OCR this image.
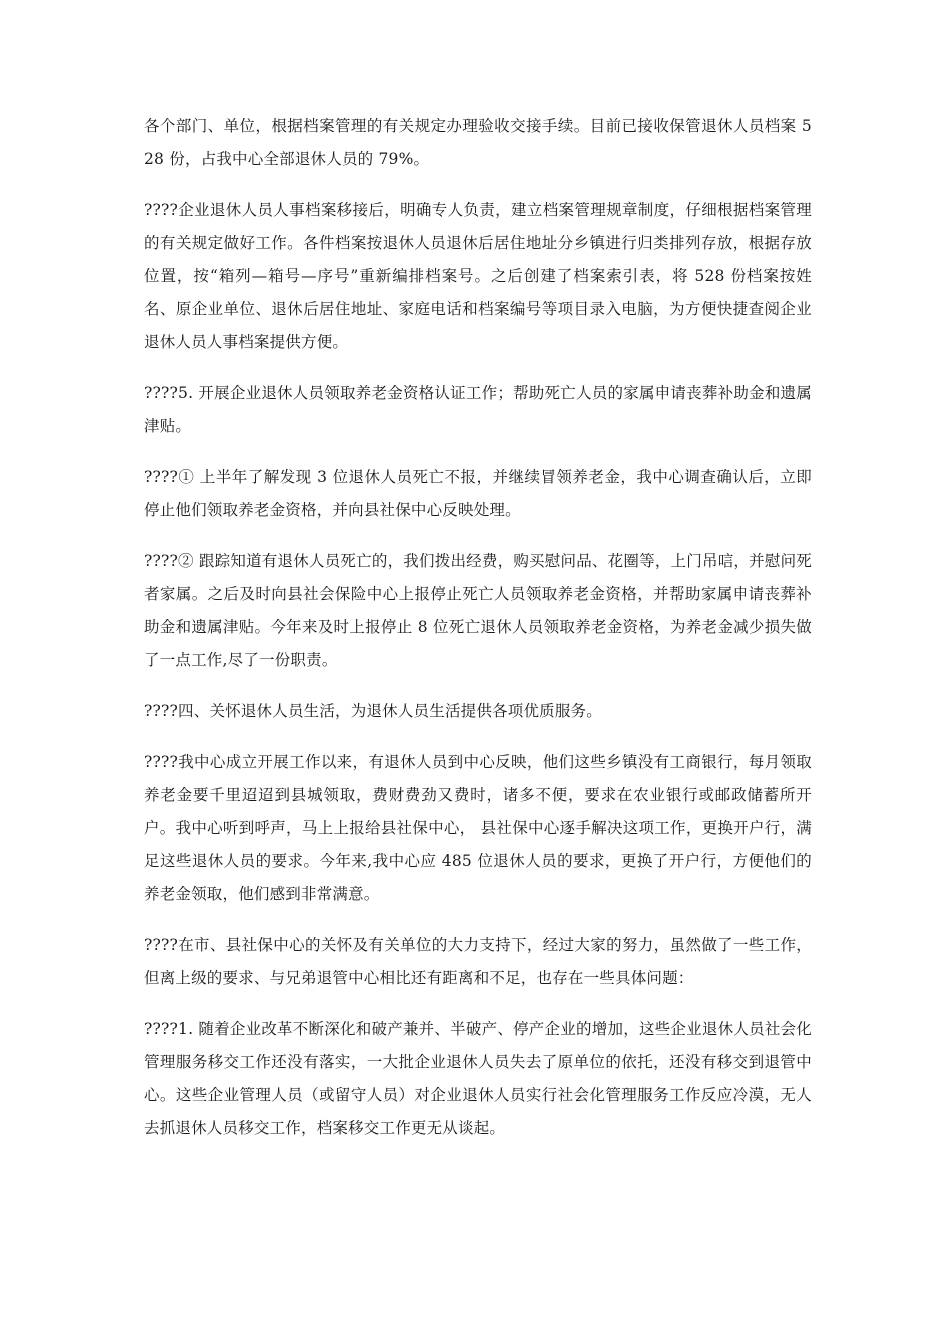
各个部门、单位，根据档案管理的有关规定办理验收交接手续。目前已接收保管退休人员档案 528 份，占我中心全部退休人员的 79%。

????企业退休人员人事档案移接后，明确专人负责，建立档案管理规章制度，仔细根据档案管理的有关规定做好工作。各件档案按退休人员退休后居住地址分乡镇进行归类排列存放，根据存放位置，按“箱列—箱号—序号”重新编排档案号。之后创建了档案索引表，将 528 份档案按姓名、原企业单位、退休后居住地址、家庭电话和档案编号等项目录入电脑，为方便快捷查阅企业退休人员人事档案提供方便。

????5. 开展企业退休人员领取养老金资格认证工作；帮助死亡人员的家属申请丧葬补助金和遗属津贴。

????① 上半年了解发现 3 位退休人员死亡不报，并继续冒领养老金，我中心调查确认后，立即停止他们领取养老金资格，并向县社保中心反映处理。

????② 跟踪知道有退休人员死亡的，我们拨出经费，购买慰问品、花圈等，上门吊唁，并慰问死者家属。之后及时向县社会保险中心上报停止死亡人员领取养老金资格，并帮助家属申请丧葬补助金和遗属津贴。今年来及时上报停止 8 位死亡退休人员领取养老金资格，为养老金减少损失做了一点工作,尽了一份职责。

????四、关怀退休人员生活，为退休人员生活提供各项优质服务。

????我中心成立开展工作以来，有退休人员到中心反映，他们这些乡镇没有工商银行，每月领取养老金要千里迢迢到县城领取，费财费劲又费时，诸多不便，要求在农业银行或邮政储蓄所开户。我中心听到呼声，马上上报给县社保中心， 县社保中心逐手解决这项工作，更换开户行，满足这些退休人员的要求。今年来,我中心应 485 位退休人员的要求，更换了开户行，方便他们的养老金领取，他们感到非常满意。

????在市、县社保中心的关怀及有关单位的大力支持下，经过大家的努力，虽然做了一些工作，但离上级的要求、与兄弟退管中心相比还有距离和不足，也存在一些具体问题：

????1. 随着企业改革不断深化和破产兼并、半破产、停产企业的增加，这些企业退休人员社会化管理服务移交工作还没有落实，一大批企业退休人员失去了原单位的依托，还没有移交到退管中心。这些企业管理人员（或留守人员）对企业退休人员实行社会化管理服务工作反应冷漠，无人去抓退休人员移交工作，档案移交工作更无从谈起。
